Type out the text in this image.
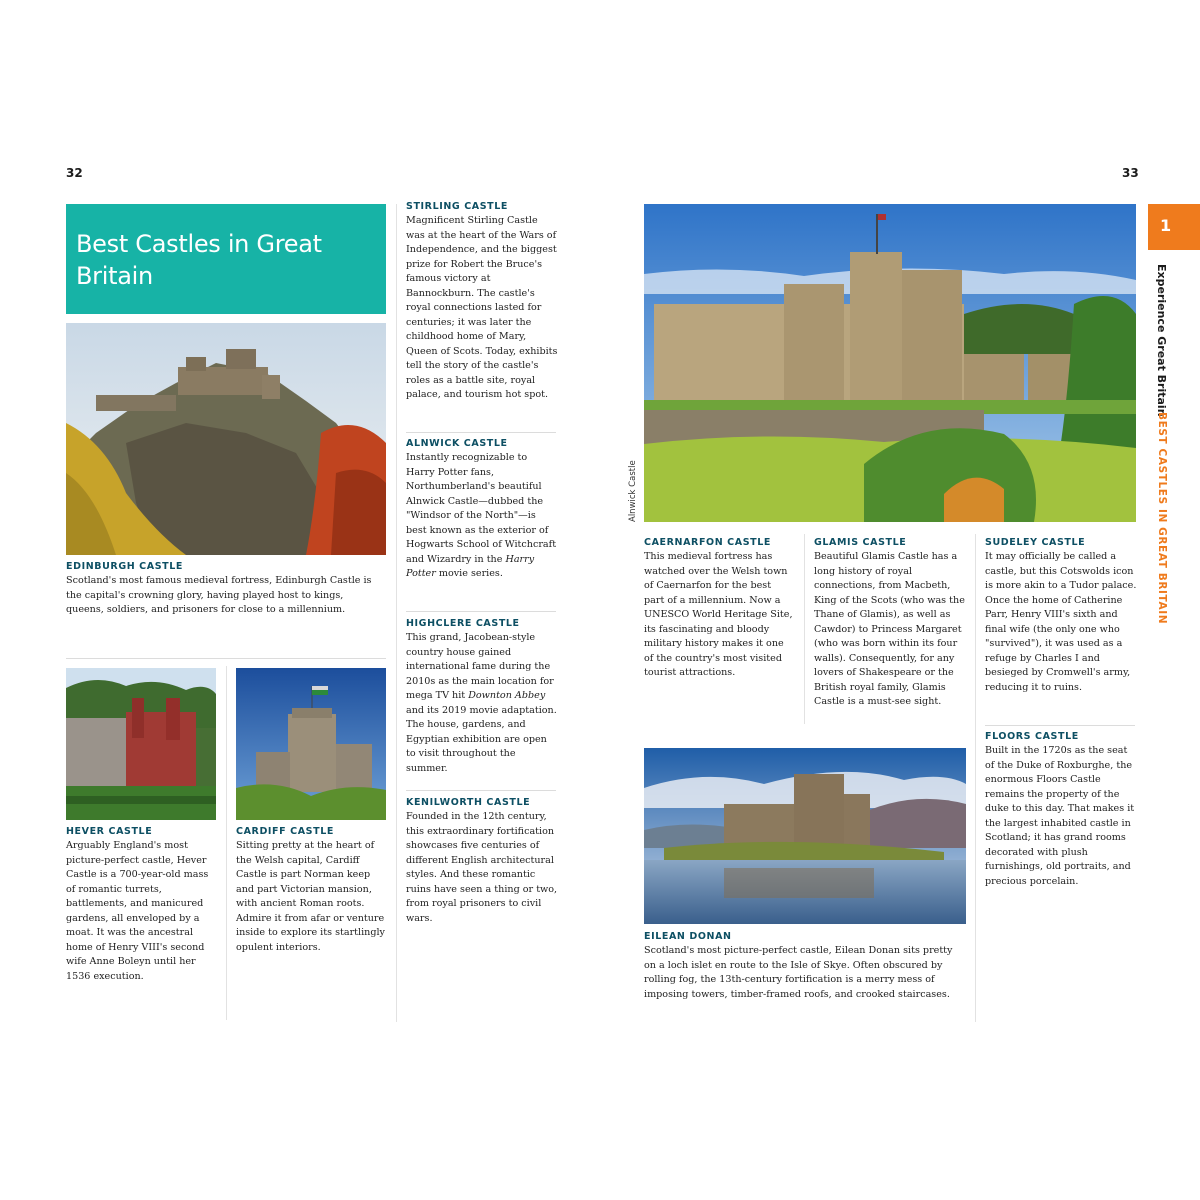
32	33
Best Castles in Great Britain

EDINBURGH CASTLE

Scotland's most famous medieval fortress, Edinburgh Castle is the capital's crowning glory, having played host to kings, queens, soldiers, and prisoners for close to a millennium.

HEVER CASTLE

Arguably England's most picture-perfect castle, Hever Castle is a 700-year-old mass of romantic turrets, battlements, and manicured gardens, all enveloped by a moat. It was the ancestral home of Henry VIII's second wife Anne Boleyn until her 1536 execution.

CARDIFF CASTLE

Sitting pretty at the heart of the Welsh capital, Cardiff Castle is part Norman keep and part Victorian mansion, with ancient Roman roots. Admire it from afar or venture inside to explore its startlingly opulent interiors.

STIRLING CASTLE

Magnificent Stirling Castle was at the heart of the Wars of Independence, and the biggest prize for Robert the Bruce's famous victory at Bannockburn. The castle's royal connections lasted for centuries; it was later the childhood home of Mary, Queen of Scots. Today, exhibits tell the story of the castle's roles as a battle site, royal palace, and tourism hot spot.

ALNWICK CASTLE

Instantly recognizable to Harry Potter fans, Northumberland's beautiful Alnwick Castle—dubbed the "Windsor of the North"—is best known as the exterior of Hogwarts School of Witchcraft and Wizardry in the Harry Potter movie series.

HIGHCLERE CASTLE

This grand, Jacobean-style country house gained international fame during the 2010s as the main location for mega TV hit Downton Abbey and its 2019 movie adaptation. The house, gardens, and Egyptian exhibition are open to visit throughout the summer.

KENILWORTH CASTLE

Founded in the 12th century, this extraordinary fortification showcases five centuries of different English architectural styles. And these romantic ruins have seen a thing or two, from royal prisoners to civil wars.

Alnwick Castle

CAERNARFON CASTLE

This medieval fortress has watched over the Welsh town of Caernarfon for the best part of a millennium. Now a UNESCO World Heritage Site, its fascinating and bloody military history makes it one of the country's most visited tourist attractions.

GLAMIS CASTLE

Beautiful Glamis Castle has a long history of royal connections, from Macbeth, King of the Scots (who was the Thane of Glamis), as well as Cawdor) to Princess Margaret (who was born within its four walls). Consequently, for any lovers of Shakespeare or the British royal family, Glamis Castle is a must-see sight.

SUDELEY CASTLE

It may officially be called a castle, but this Cotswolds icon is more akin to a Tudor palace. Once the home of Catherine Parr, Henry VIII's sixth and final wife (the only one who "survived"), it was used as a refuge by Charles I and besieged by Cromwell's army, reducing it to ruins.

FLOORS CASTLE

Built in the 1720s as the seat of the Duke of Roxburghe, the enormous Floors Castle remains the property of the duke to this day. That makes it the largest inhabited castle in Scotland; it has grand rooms decorated with plush furnishings, old portraits, and precious porcelain.

EILEAN DONAN

Scotland's most picture-perfect castle, Eilean Donan sits pretty on a loch islet en route to the Isle of Skye. Often obscured by rolling fog, the 13th-century fortification is a merry mess of imposing towers, timber-framed roofs, and crooked staircases.

1
Experience Great Britain
BEST CASTLES IN GREAT BRITAIN
